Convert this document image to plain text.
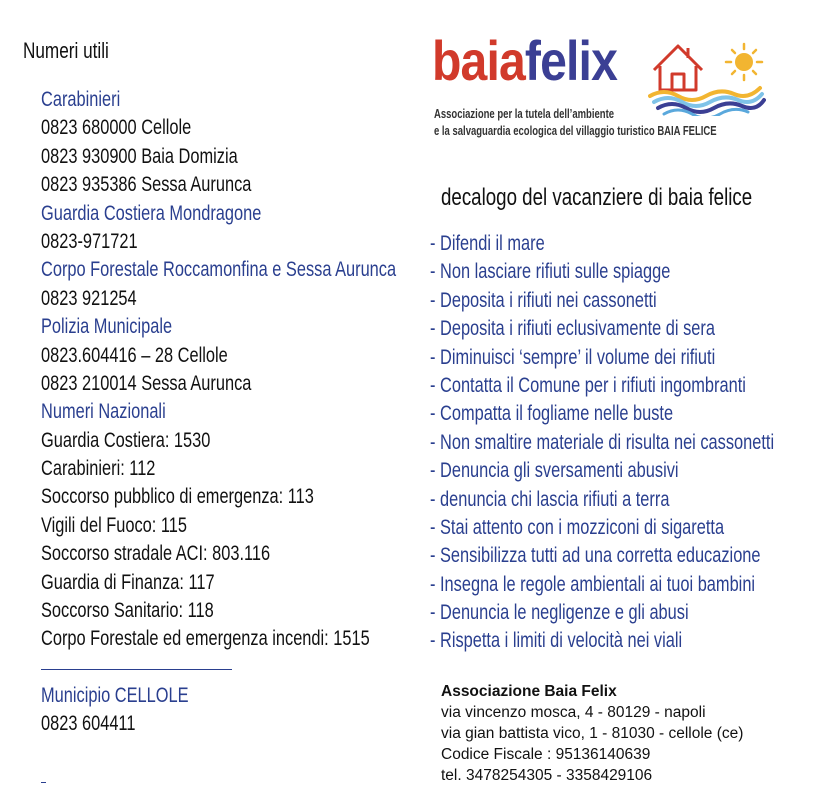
Numeri utili
Carabinieri
0823 680000 Cellole
0823 930900 Baia Domizia
0823 935386 Sessa Aurunca
Guardia Costiera Mondragone
0823-971721
Corpo Forestale Roccamonfina e Sessa Aurunca
0823 921254
Polizia Municipale
0823.604416 – 28 Cellole
0823 210014 Sessa Aurunca
Numeri Nazionali
Guardia Costiera: 1530
Carabinieri: 112
Soccorso pubblico di emergenza: 113
Vigili del Fuoco: 115
Soccorso stradale ACI: 803.116
Guardia di Finanza: 117
Soccorso Sanitario: 118
Corpo Forestale ed emergenza incendi: 1515
Municipio CELLOLE
0823 604411
baiafelix
Associazione per la tutela dell’ambiente
e la salvaguardia ecologica del villaggio turistico BAIA FELICE
decalogo del vacanziere di baia felice
- Difendi il mare
- Non lasciare rifiuti sulle spiagge
- Deposita i rifiuti nei cassonetti
- Deposita i rifiuti eclusivamente di sera
- Diminuisci ‘sempre’ il volume dei rifiuti
- Contatta il Comune per i rifiuti ingombranti
- Compatta il fogliame nelle buste
- Non smaltire materiale di risulta nei cassonetti
- Denuncia gli sversamenti abusivi
- denuncia chi lascia rifiuti a terra
- Stai attento con i mozziconi di sigaretta
- Sensibilizza tutti ad una corretta educazione
- Insegna le regole ambientali ai tuoi bambini
- Denuncia le negligenze e gli abusi
- Rispetta i limiti di velocità nei viali
Associazione Baia Felix
via vincenzo mosca, 4 - 80129 - napoli
via gian battista vico, 1 - 81030 - cellole (ce)
Codice Fiscale : 95136140639
tel. 3478254305 - 3358429106
